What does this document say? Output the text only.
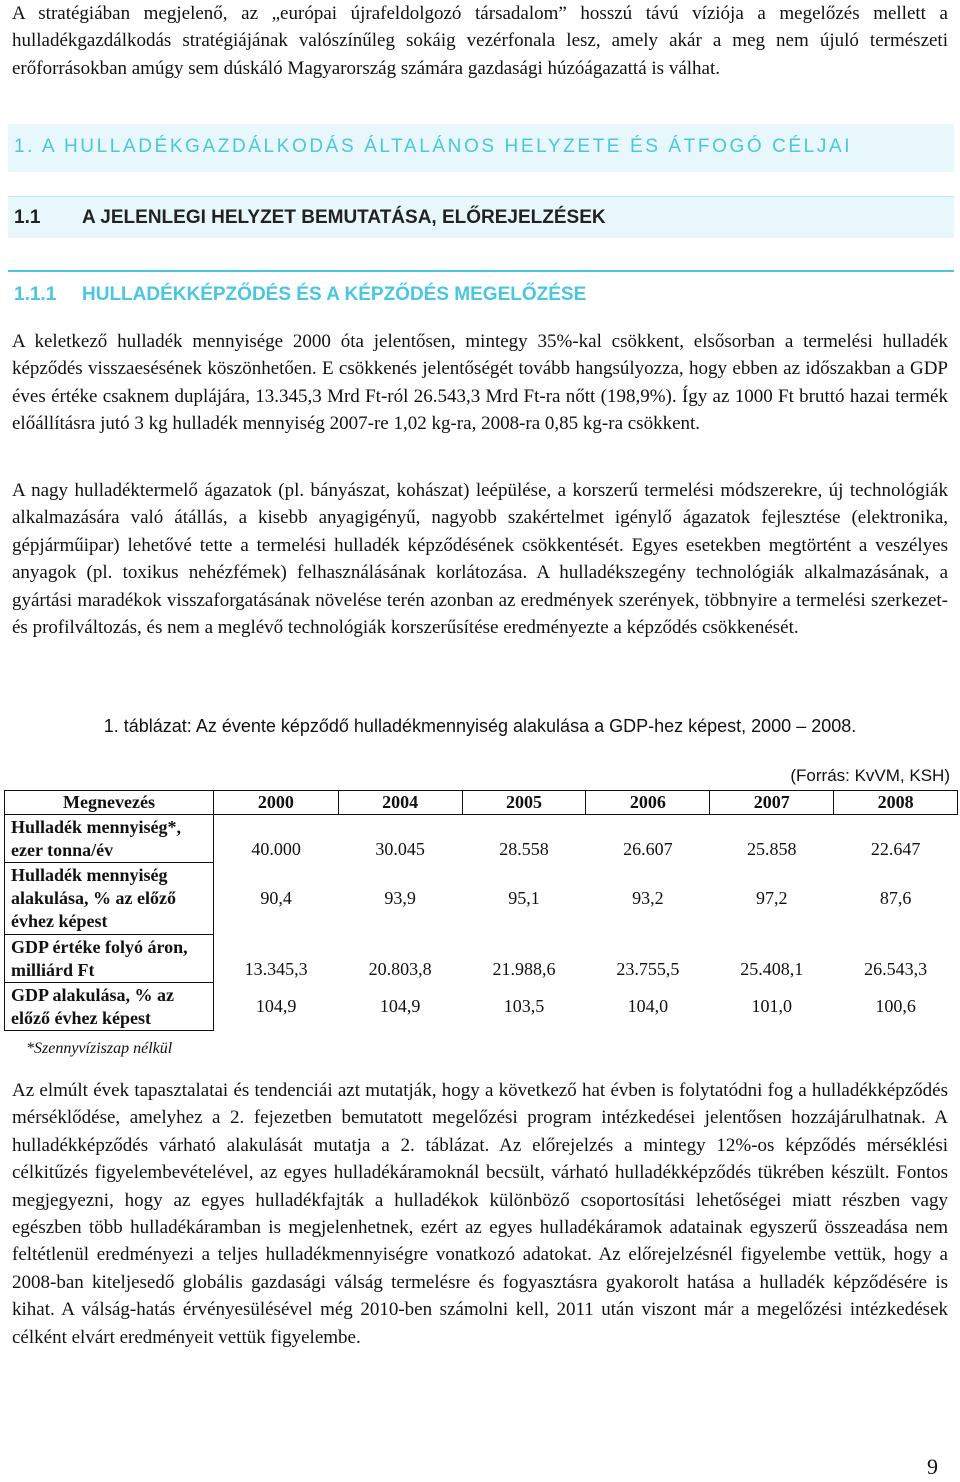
A stratégiában megjelenő, az „európai újrafeldolgozó társadalom” hosszú távú víziója a megelőzés mellett a hulladékgazdálkodás stratégiájának valószínűleg sokáig vezérfonala lesz, amely akár a meg nem újuló természeti erőforrásokban amúgy sem dúskáló Magyarország számára gazdasági húzóágazattá is válhat.

1. A HULLADÉKGAZDÁLKODÁS ÁLTALÁNOS HELYZETE ÉS ÁTFOGÓ CÉLJAI
1.1 A JELENLEGI HELYZET BEMUTATÁSA, ELŐREJELZÉSEK
1.1.1 HULLADÉKKÉPZŐDÉS ÉS A KÉPZŐDÉS MEGELŐZÉSE

A keletkező hulladék mennyisége 2000 óta jelentősen, mintegy 35%-kal csökkent, elsősorban a termelési hulladék képződés visszaesésének köszönhetően. E csökkenés jelentőségét tovább hangsúlyozza, hogy ebben az időszakban a GDP éves értéke csaknem duplájára, 13.345,3 Mrd Ft-ról 26.543,3 Mrd Ft-ra nőtt (198,9%). Így az 1000 Ft bruttó hazai termék előállításra jutó 3 kg hulladék mennyiség 2007-re 1,02 kg-ra, 2008-ra 0,85 kg-ra csökkent.

A nagy hulladéktermelő ágazatok (pl. bányászat, kohászat) leépülése, a korszerű termelési módszerekre, új technológiák alkalmazására való átállás, a kisebb anyagigényű, nagyobb szakértelmet igénylő ágazatok fejlesztése (elektronika, gépjárműipar) lehetővé tette a termelési hulladék képződésének csökkentését. Egyes esetekben megtörtént a veszélyes anyagok (pl. toxikus nehézfémek) felhasználásának korlátozása. A hulladékszegény technológiák alkalmazásának, a gyártási maradékok visszaforgatásának növelése terén azonban az eredmények szerények, többnyire a termelési szerkezet- és profilváltozás, és nem a meglévő technológiák korszerűsítése eredményezte a képződés csökkenését.

1. táblázat: Az évente képződő hulladékmennyiség alakulása a GDP-hez képest, 2000 – 2008.
(Forrás: KvVM, KSH)
Megnevezés	2000	2004	2005	2006	2007	2008
Hulladék mennyiség*, ezer tonna/év	40.000	30.045	28.558	26.607	25.858	22.647
Hulladék mennyiség alakulása, % az előző évhez képest	90,4	93,9	95,1	93,2	97,2	87,6
GDP értéke folyó áron, milliárd Ft	13.345,3	20.803,8	21.988,6	23.755,5	25.408,1	26.543,3
GDP alakulása, % az előző évhez képest	104,9	104,9	103,5	104,0	101,0	100,6
*Szennyvíziszap nélkül

Az elmúlt évek tapasztalatai és tendenciái azt mutatják, hogy a következő hat évben is folytatódni fog a hulladékképződés mérséklődése, amelyhez a 2. fejezetben bemutatott megelőzési program intézkedései jelentősen hozzájárulhatnak. A hulladékképződés várható alakulását mutatja a 2. táblázat. Az előrejelzés a mintegy 12%-os képződés mérséklési célkitűzés figyelembevételével, az egyes hulladékáramoknál becsült, várható hulladékképződés tükrében készült. Fontos megjegyezni, hogy az egyes hulladékfajták a hulladékok különböző csoportosítási lehetőségei miatt részben vagy egészben több hulladékáramban is megjelenhetnek, ezért az egyes hulladékáramok adatainak egyszerű összeadása nem feltétlenül eredményezi a teljes hulladékmennyiségre vonatkozó adatokat. Az előrejelzésnél figyelembe vettük, hogy a 2008-ban kiteljesedő globális gazdasági válság termelésre és fogyasztásra gyakorolt hatása a hulladék képződésére is kihat. A válság-hatás érvényesülésével még 2010-ben számolni kell, 2011 után viszont már a megelőzési intézkedések célként elvárt eredményeit vettük figyelembe.

9
